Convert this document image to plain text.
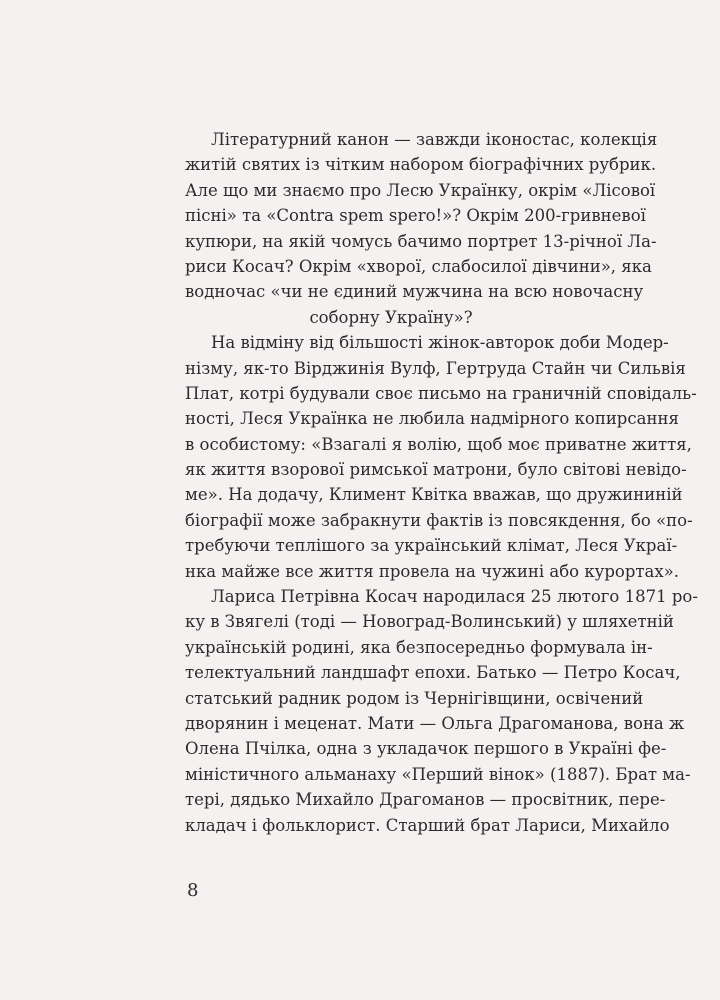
Літературний канон — завжди іконостас, колекція
житій святих із чітким набором біографічних рубрик.
Але що ми знаємо про Лесю Українку, окрім «Лісової
пісні» та «Contra spem spero!»? Окрім 200-гривневої
купюри, на якій чомусь бачимо портрет 13-річної Ла-
риси Косач? Окрім «хворої, слабосилої дівчини», яка
водночас «чи не єдиний мужчина на всю новочасну
соборну Україну»?
На відміну від більшості жінок-авторок доби Модер-
нізму, як-то Вірджинія Вулф, Гертруда Стайн чи Сильвія
Плат, котрі будували своє письмо на граничній сповідаль-
ності, Леся Українка не любила надмірного копирсання
в особистому: «Взагалі я волію, щоб моє приватне життя,
як життя взорової римської матрони, було світові невідо-
ме». На додачу, Климент Квітка вважав, що дружининій
біографії може забракнути фактів із повсякдення, бо «по-
требуючи теплішого за український клімат, Леся Украї-
нка майже все життя провела на чужині або курортах».
Лариса Петрівна Косач народилася 25 лютого 1871 ро-
ку в Звягелі (тоді — Новоград-Волинський) у шляхетній
українській родині, яка безпосередньо формувала ін-
телектуальний ландшафт епохи. Батько — Петро Косач,
статський радник родом із Чернігівщини, освічений
дворянин і меценат. Мати — Ольга Драгоманова, вона ж
Олена Пчілка, одна з укладачок першого в Україні фе-
міністичного альманаху «Перший вінок» (1887). Брат ма-
тері, дядько Михайло Драгоманов — просвітник, пере-
кладач і фольклорист. Старший брат Лариси, Михайло
8
